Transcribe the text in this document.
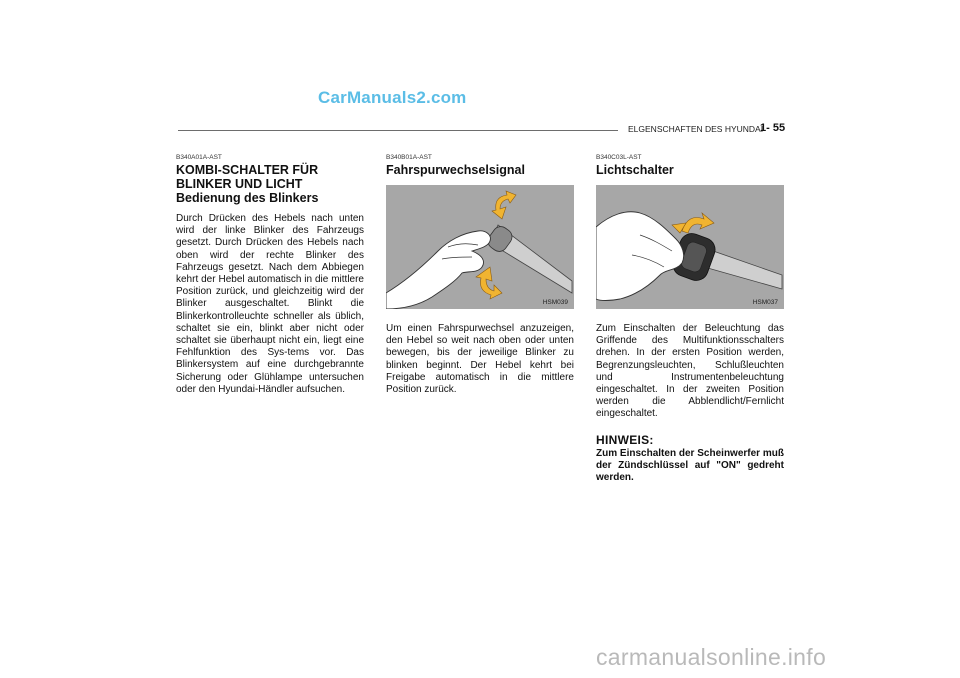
CarManuals2.com
ELGENSCHAFTEN DES HYUNDAI
1- 55
B340A01A-AST
KOMBI-SCHALTER FÜR
BLINKER UND LICHT
Bedienung des Blinkers

Durch Drücken des Hebels nach unten wird der linke Blinker des Fahrzeugs gesetzt. Durch Drücken des Hebels nach oben wird der rechte Blinker des Fahrzeugs gesetzt. Nach dem Abbiegen kehrt der Hebel automatisch in die mittlere Position zurück, und gleichzeitig wird der Blinker ausgeschaltet. Blinkt die Blinkerkontrolleuchte schneller als üblich, schaltet sie ein, blinkt aber nicht oder schaltet sie überhaupt nicht ein, liegt eine Fehlfunktion des Sys-tems vor. Das Blinkersystem auf eine durchgebrannte Sicherung oder Glühlampe untersuchen oder den Hyundai-Händler aufsuchen.

B340B01A-AST
Fahrspurwechselsignal
HSM039

Um einen Fahrspurwechsel anzuzeigen, den Hebel so weit nach oben oder unten bewegen, bis der jeweilige Blinker zu blinken beginnt. Der Hebel kehrt bei Freigabe automatisch in die mittlere Position zurück.

B340C03L-AST
Lichtschalter
HSM037

Zum Einschalten der Beleuchtung das Griffende des Multifunktionsschalters drehen. In der ersten Position werden, Begrenzungsleuchten, Schlußleuchten und Instrumentenbeleuchtung eingeschaltet. In der zweiten Position werden die Abblendlicht/Fernlicht eingeschaltet.

HINWEIS:

Zum Einschalten der Scheinwerfer muß der Zündschlüssel auf "ON" gedreht werden.

carmanualsonline.info
